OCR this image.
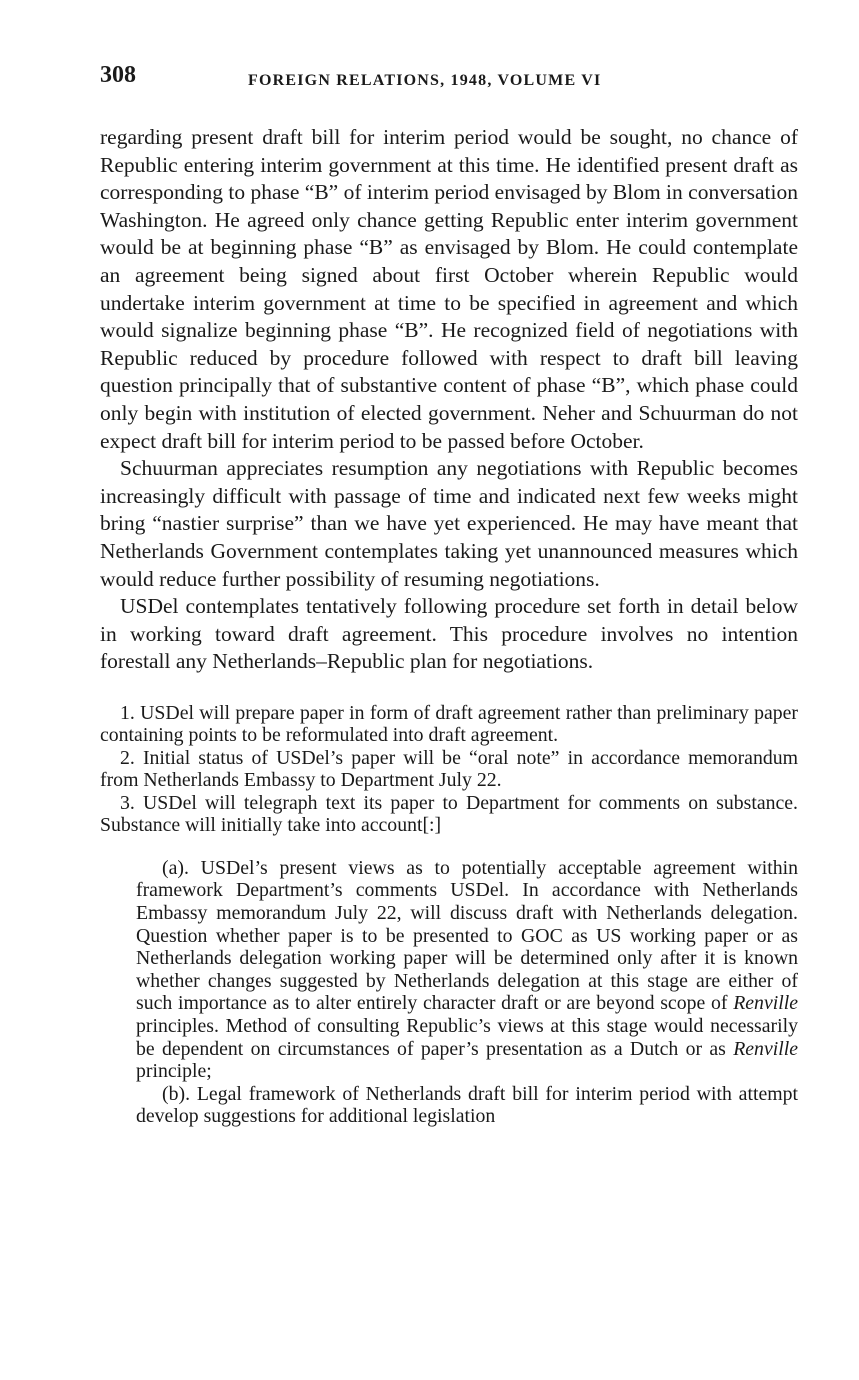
308	FOREIGN RELATIONS, 1948, VOLUME VI

regarding present draft bill for interim period would be sought, no chance of Republic entering interim government at this time. He identified present draft as corresponding to phase “B” of interim period envisaged by Blom in conversation Washington. He agreed only chance getting Republic enter interim government would be at beginning phase “B” as envisaged by Blom. He could contemplate an agreement being signed about first October wherein Republic would undertake interim government at time to be specified in agreement and which would signalize beginning phase “B”. He recognized field of negotiations with Republic reduced by procedure followed with respect to draft bill leaving question principally that of substantive content of phase “B”, which phase could only begin with institution of elected government. Neher and Schuurman do not expect draft bill for interim period to be passed before October.

Schuurman appreciates resumption any negotiations with Republic becomes increasingly difficult with passage of time and indicated next few weeks might bring “nastier surprise” than we have yet experienced. He may have meant that Netherlands Government contemplates taking yet unannounced measures which would reduce further possibility of resuming negotiations.

USDel contemplates tentatively following procedure set forth in detail below in working toward draft agreement. This procedure involves no intention forestall any Netherlands–Republic plan for negotiations.

1. USDel will prepare paper in form of draft agreement rather than preliminary paper containing points to be reformulated into draft agreement.

2. Initial status of USDel’s paper will be “oral note” in accordance memorandum from Netherlands Embassy to Department July 22.

3. USDel will telegraph text its paper to Department for comments on substance. Substance will initially take into account[:]

(a). USDel’s present views as to potentially acceptable agreement within framework Department’s comments USDel. In accordance with Netherlands Embassy memorandum July 22, will discuss draft with Netherlands delegation. Question whether paper is to be presented to GOC as US working paper or as Netherlands delegation working paper will be determined only after it is known whether changes suggested by Netherlands delegation at this stage are either of such importance as to alter entirely character draft or are beyond scope of Renville principles. Method of consulting Republic’s views at this stage would necessarily be dependent on circumstances of paper’s presentation as a Dutch or as Renville principle;

(b). Legal framework of Netherlands draft bill for interim period with attempt develop suggestions for additional legislation
